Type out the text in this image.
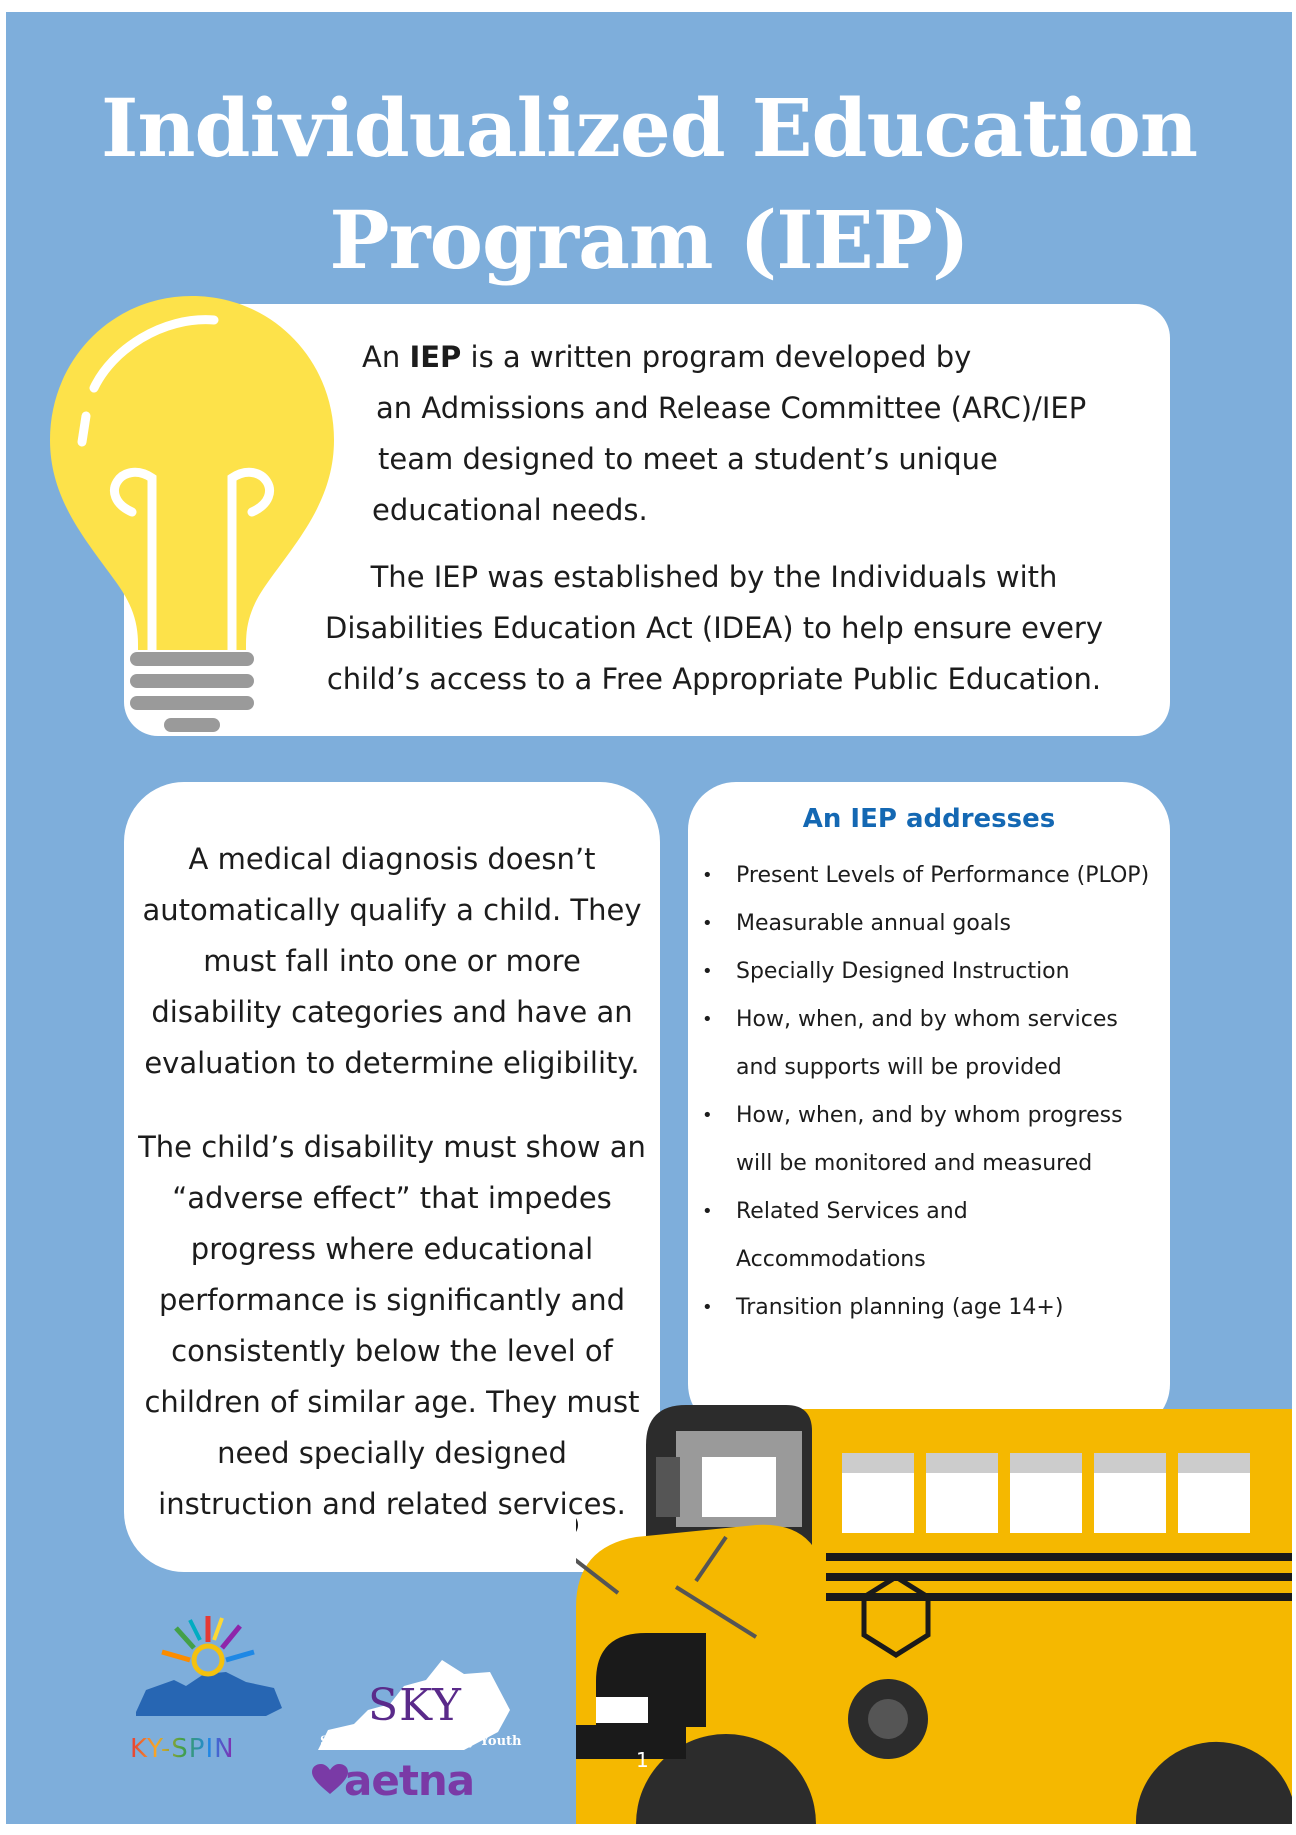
Individualized Education
Program (IEP)
An IEP is a written program developed by
an Admissions and Release Committee (ARC)/IEP
team designed to meet a student’s unique
educational needs.
The IEP was established by the Individuals with
Disabilities Education Act (IDEA) to help ensure every
child’s access to a Free Appropriate Public Education.
A medical diagnosis doesn’t automatically qualify a child. They must fall into one or more disability categories and have an evaluation to determine eligibility.
The child’s disability must show an “adverse effect” that impedes progress where educational performance is significantly and consistently below the level of children of similar age. They must need specially designed instruction and related services.
An IEP addresses
• Present Levels of Performance (PLOP)
• Measurable annual goals
• Specially Designed Instruction
• How, when, and by whom services and supports will be provided
• How, when, and by whom progress will be monitored and measured
• Related Services and Accommodations
• Transition planning (age 14+)
KY-SPIN
SKY
Supporting Kentucky Youth
aetna	1
